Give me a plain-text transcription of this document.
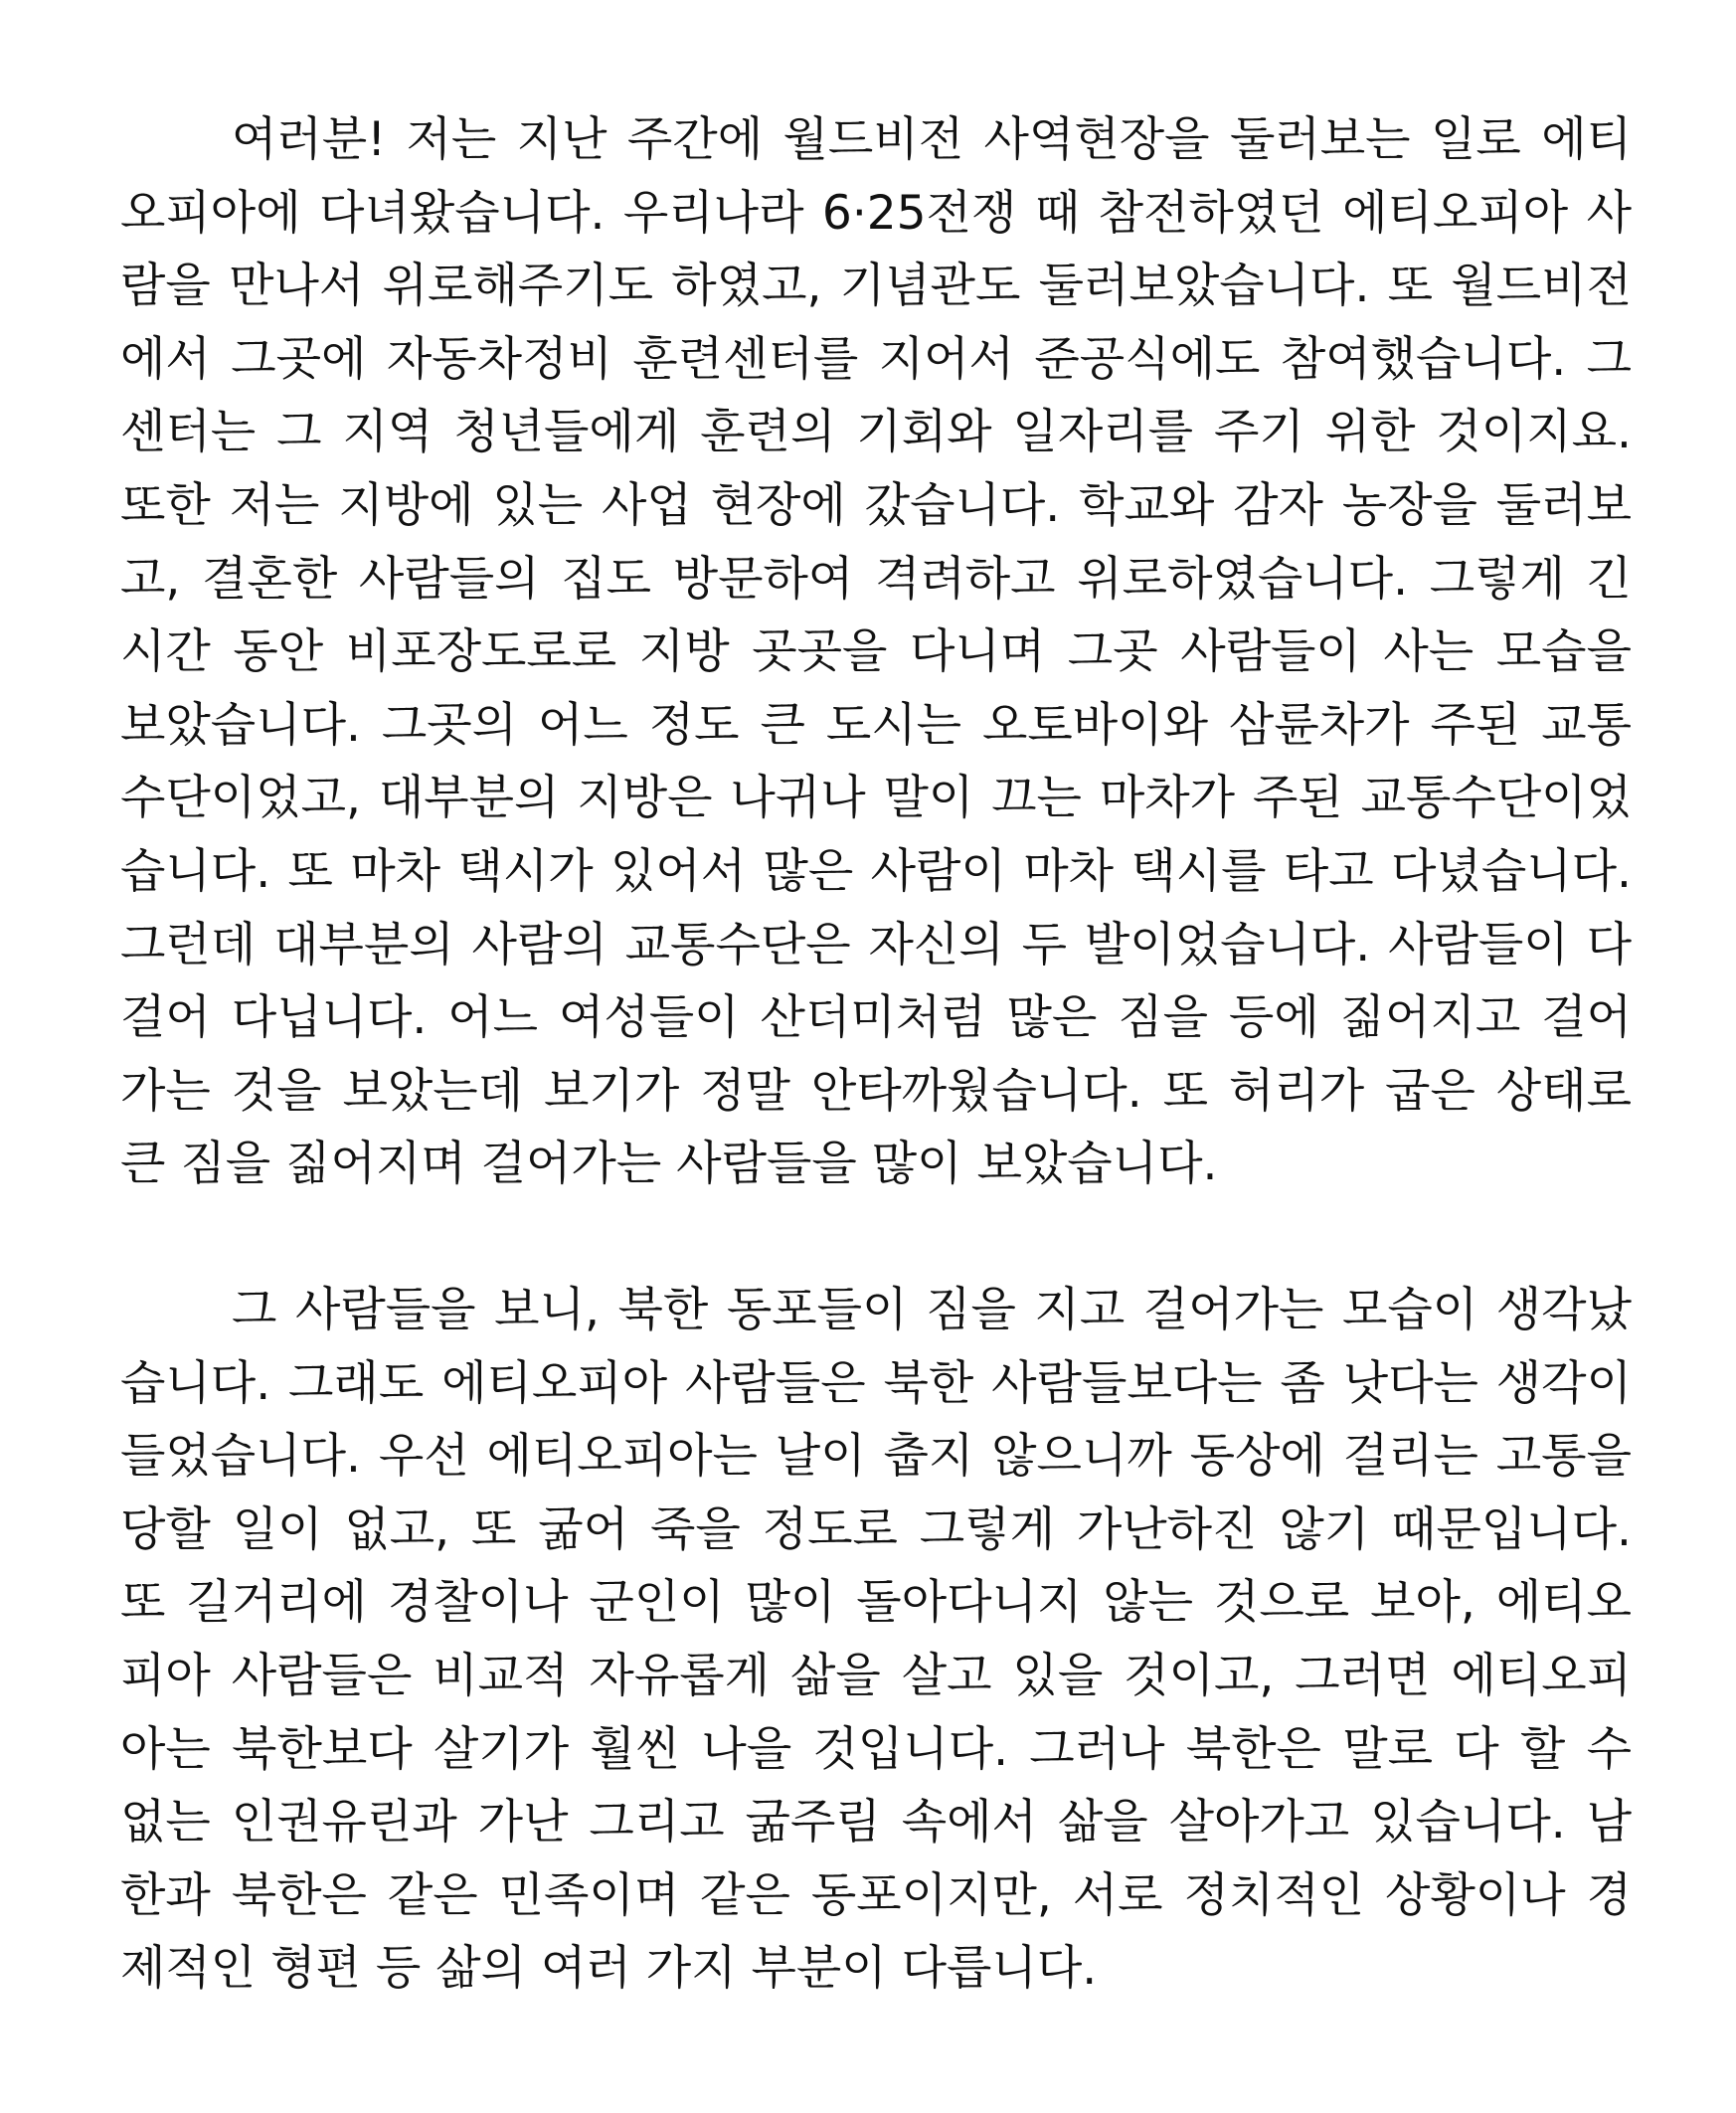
여러분! 저는 지난 주간에 월드비전 사역현장을 둘러보는 일로 에티
오피아에 다녀왔습니다. 우리나라 6·25전쟁 때 참전하였던 에티오피아 사
람을 만나서 위로해주기도 하였고, 기념관도 둘러보았습니다. 또 월드비전
에서 그곳에 자동차정비 훈련센터를 지어서 준공식에도 참여했습니다. 그
센터는 그 지역 청년들에게 훈련의 기회와 일자리를 주기 위한 것이지요.
또한 저는 지방에 있는 사업 현장에 갔습니다. 학교와 감자 농장을 둘러보
고, 결혼한 사람들의 집도 방문하여 격려하고 위로하였습니다. 그렇게 긴
시간 동안 비포장도로로 지방 곳곳을 다니며 그곳 사람들이 사는 모습을
보았습니다. 그곳의 어느 정도 큰 도시는 오토바이와 삼륜차가 주된 교통
수단이었고, 대부분의 지방은 나귀나 말이 끄는 마차가 주된 교통수단이었
습니다. 또 마차 택시가 있어서 많은 사람이 마차 택시를 타고 다녔습니다.
그런데 대부분의 사람의 교통수단은 자신의 두 발이었습니다. 사람들이 다
걸어 다닙니다. 어느 여성들이 산더미처럼 많은 짐을 등에 짊어지고 걸어
가는 것을 보았는데 보기가 정말 안타까웠습니다. 또 허리가 굽은 상태로
큰 짐을 짊어지며 걸어가는 사람들을 많이 보았습니다.
그 사람들을 보니, 북한 동포들이 짐을 지고 걸어가는 모습이 생각났
습니다. 그래도 에티오피아 사람들은 북한 사람들보다는 좀 낫다는 생각이
들었습니다. 우선 에티오피아는 날이 춥지 않으니까 동상에 걸리는 고통을
당할 일이 없고, 또 굶어 죽을 정도로 그렇게 가난하진 않기 때문입니다.
또 길거리에 경찰이나 군인이 많이 돌아다니지 않는 것으로 보아, 에티오
피아 사람들은 비교적 자유롭게 삶을 살고 있을 것이고, 그러면 에티오피
아는 북한보다 살기가 훨씬 나을 것입니다. 그러나 북한은 말로 다 할 수
없는 인권유린과 가난 그리고 굶주림 속에서 삶을 살아가고 있습니다. 남
한과 북한은 같은 민족이며 같은 동포이지만, 서로 정치적인 상황이나 경
제적인 형편 등 삶의 여러 가지 부분이 다릅니다.
